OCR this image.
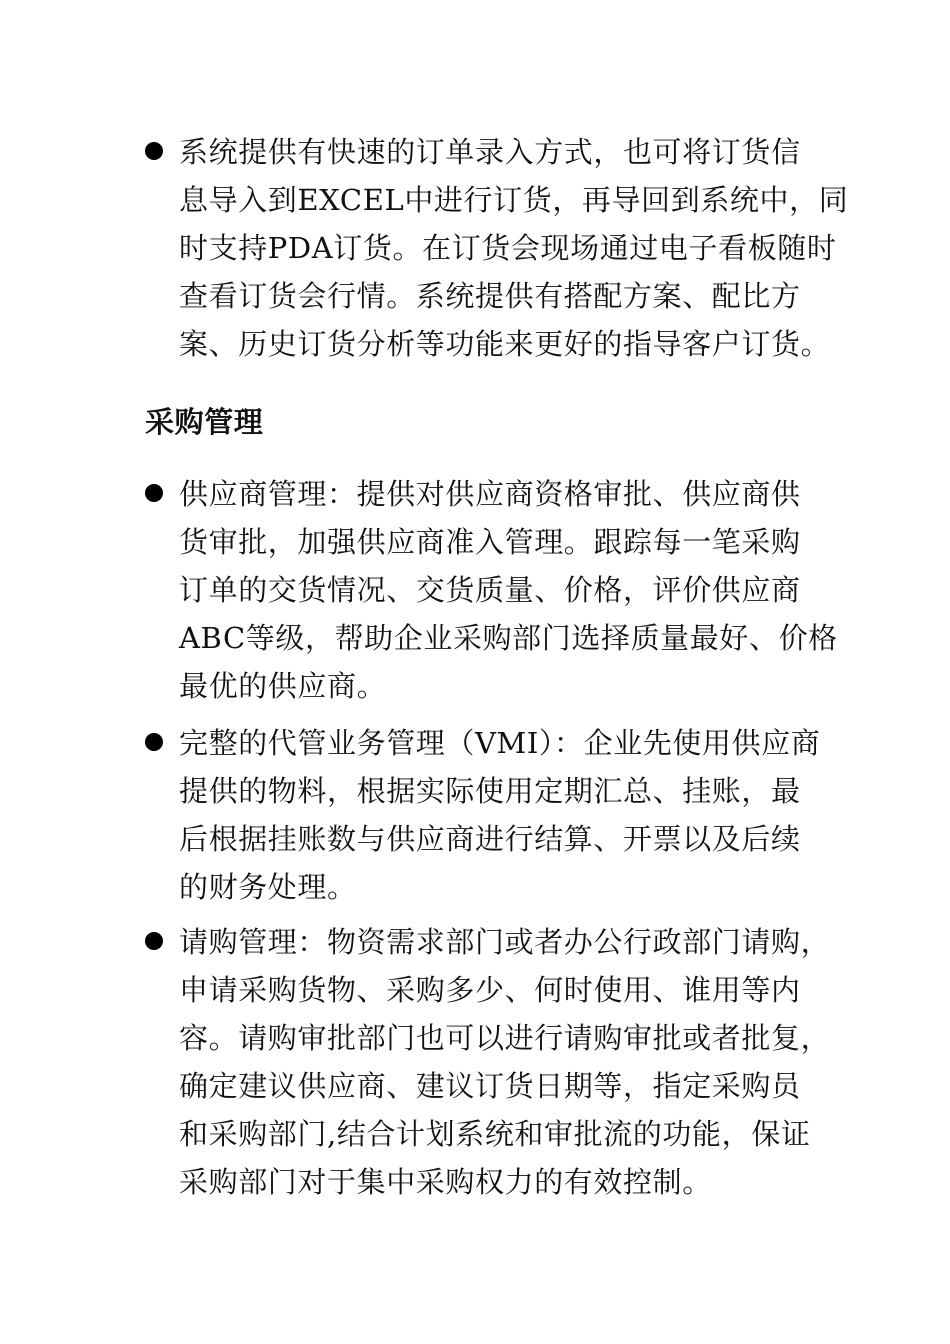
系统提供有快速的订单录入方式，也可将订货信
息导入到EXCEL中进行订货，再导回到系统中，同
时支持PDA订货。在订货会现场通过电子看板随时
查看订货会行情。系统提供有搭配方案、配比方
案、历史订货分析等功能来更好的指导客户订货。
采购管理
供应商管理：提供对供应商资格审批、供应商供
货审批，加强供应商准入管理。跟踪每一笔采购
订单的交货情况、交货质量、价格，评价供应商
ABC等级，帮助企业采购部门选择质量最好、价格
最优的供应商。
完整的代管业务管理（VMI）：企业先使用供应商
提供的物料，根据实际使用定期汇总、挂账，最
后根据挂账数与供应商进行结算、开票以及后续
的财务处理。
请购管理：物资需求部门或者办公行政部门请购，
申请采购货物、采购多少、何时使用、谁用等内
容。请购审批部门也可以进行请购审批或者批复，
确定建议供应商、建议订货日期等，指定采购员
和采购部门,结合计划系统和审批流的功能，保证
采购部门对于集中采购权力的有效控制。
